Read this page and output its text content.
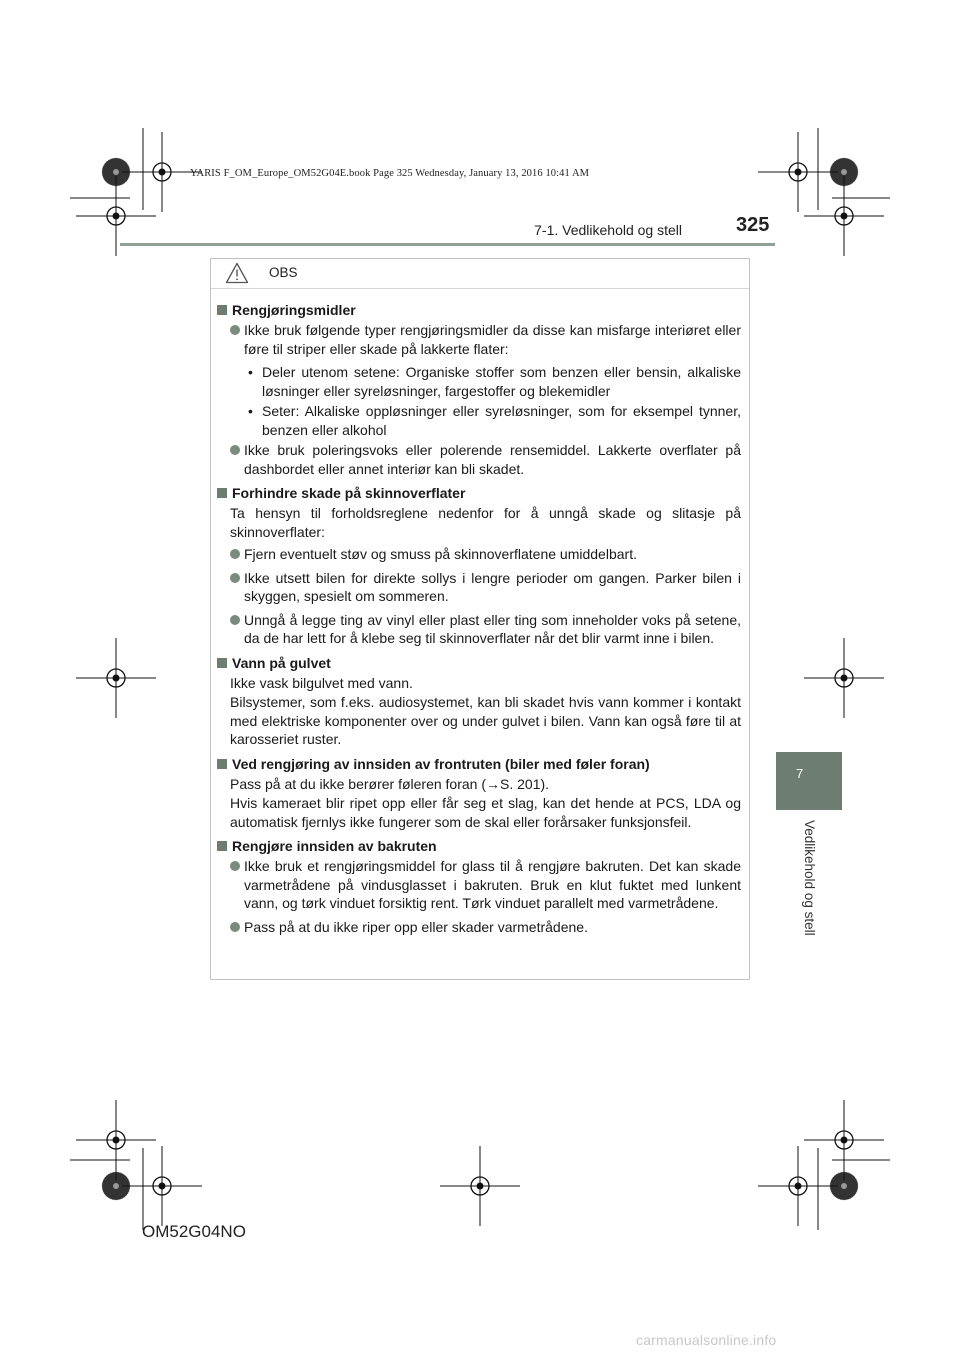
YARIS F_OM_Europe_OM52G04E.book Page 325 Wednesday, January 13, 2016 10:41 AM
7-1. Vedlikehold og stell	325
7
Vedlikehold og stell
OBS
Rengjøringsmidler
Ikke bruk følgende typer rengjøringsmidler da disse kan misfarge interiøret eller føre til striper eller skade på lakkerte flater:
• Deler utenom setene: Organiske stoffer som benzen eller bensin, alkaliske løsninger eller syreløsninger, fargestoffer og blekemidler
• Seter: Alkaliske oppløsninger eller syreløsninger, som for eksempel tynner, benzen eller alkohol
Ikke bruk poleringsvoks eller polerende rensemiddel. Lakkerte overflater på dashbordet eller annet interiør kan bli skadet.
Forhindre skade på skinnoverflater
Ta hensyn til forholdsreglene nedenfor for å unngå skade og slitasje på skinnoverflater:
Fjern eventuelt støv og smuss på skinnoverflatene umiddelbart.
Ikke utsett bilen for direkte sollys i lengre perioder om gangen. Parker bilen i skyggen, spesielt om sommeren.
Unngå å legge ting av vinyl eller plast eller ting som inneholder voks på setene, da de har lett for å klebe seg til skinnoverflater når det blir varmt inne i bilen.
Vann på gulvet
Ikke vask bilgulvet med vann.
Bilsystemer, som f.eks. audiosystemet, kan bli skadet hvis vann kommer i kontakt med elektriske komponenter over og under gulvet i bilen. Vann kan også føre til at karosseriet ruster.
Ved rengjøring av innsiden av frontruten (biler med føler foran)
Pass på at du ikke berører føleren foran (→S. 201).
Hvis kameraet blir ripet opp eller får seg et slag, kan det hende at PCS, LDA og automatisk fjernlys ikke fungerer som de skal eller forårsaker funksjonsfeil.
Rengjøre innsiden av bakruten
Ikke bruk et rengjøringsmiddel for glass til å rengjøre bakruten. Det kan skade varmetrådene på vindusglasset i bakruten. Bruk en klut fuktet med lunkent vann, og tørk vinduet forsiktig rent. Tørk vinduet parallelt med varmetrådene.
Pass på at du ikke riper opp eller skader varmetrådene.
OM52G04NO
carmanualsonline.info
